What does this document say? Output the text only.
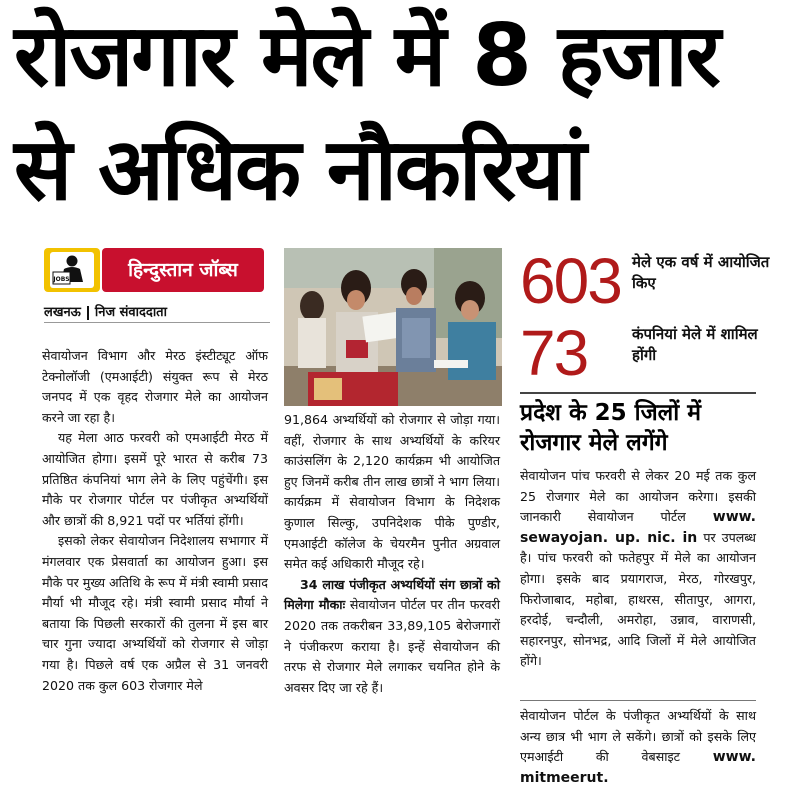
रोजगार मेले में 8 हजार
से अधिक नौकरियां
JOBS	हिन्दुस्तान जॉब्स
लखनऊ निज संवाददाता

सेवायोजन विभाग और मेरठ इंस्टीट्यूट ऑफ टेक्नोलॉजी (एमआईटी) संयुक्त रूप से मेरठ जनपद में एक वृहद रोजगार मेले का आयोजन करने जा रहा है।

यह मेला आठ फरवरी को एमआईटी मेरठ में आयोजित होगा। इसमें पूरे भारत से करीब 73 प्रतिष्ठित कंपनियां भाग लेने के लिए पहुंचेंगी। इस मौके पर रोजगार पोर्टल पर पंजीकृत अभ्यर्थियों और छात्रों की 8,921 पदों पर भर्तियां होंगी।

इसको लेकर सेवायोजन निदेशालय सभागार में मंगलवार एक प्रेसवार्ता का आयोजन हुआ। इस मौके पर मुख्य अतिथि के रूप में मंत्री स्वामी प्रसाद मौर्या भी मौजूद रहे। मंत्री स्वामी प्रसाद मौर्या ने बताया कि पिछली सरकारों की तुलना में इस बार चार गुना ज्यादा अभ्यर्थियों को रोजगार से जोड़ा गया है। पिछले वर्ष एक अप्रैल से 31 जनवरी 2020 तक कुल 603 रोजगार मेले

91,864 अभ्यर्थियों को रोजगार से जोड़ा गया। वहीं, रोजगार के साथ अभ्यर्थियों के करियर काउंसलिंग के 2,120 कार्यक्रम भी आयोजित हुए जिनमें करीब तीन लाख छात्रों ने भाग लिया। कार्यक्रम में सेवायोजन विभाग के निदेशक कुणाल सिल्कु, उपनिदेशक पीके पुण्डीर, एमआईटी कॉलेज के चेयरमैन पुनीत अग्रवाल समेत कई अधिकारी मौजूद रहे।

34 लाख पंजीकृत अभ्यर्थियों संग छात्रों को मिलेगा मौकाः सेवायोजन पोर्टल पर तीन फरवरी 2020 तक तकरीबन 33,89,105 बेरोजगारों ने पंजीकरण कराया है। इन्हें सेवायोजन की तरफ से रोजगार मेले लगाकर चयनित होने के अवसर दिए जा रहे हैं।

603 मेले एक वर्ष में आयोजित किए
73	कंपनियां मेले में शामिल होंगी
प्रदेश के 25 जिलों में रोजगार मेले लगेंगे

सेवायोजन पांच फरवरी से लेकर 20 मई तक कुल 25 रोजगार मेले का आयोजन करेगा। इसकी जानकारी सेवायोजन पोर्टल www. sewayojan. up. nic. in पर उपलब्ध है। पांच फरवरी को फतेहपुर में मेले का आयोजन होगा। इसके बाद प्रयागराज, मेरठ, गोरखपुर, फिरोजाबाद, महोबा, हाथरस, सीतापुर, आगरा, हरदोई, चन्दौली, अमरोहा, उन्नाव, वाराणसी, सहारनपुर, सोनभद्र, आदि जिलों में मेले आयोजित होंगे।

सेवायोजन पोर्टल के पंजीकृत अभ्यर्थियों के साथ अन्य छात्र भी भाग ले सकेंगे। छात्रों को इसके लिए एमआईटी की वेबसाइट www. mitmeerut.
